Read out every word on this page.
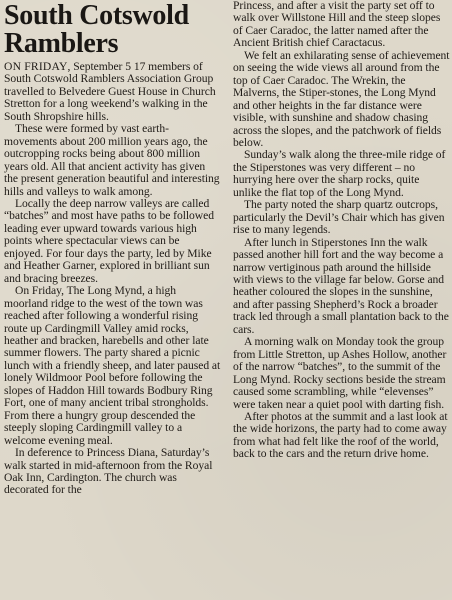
South Cotswold
Ramblers

ON FRIDAY, September 5 17 members of South Cotswold Ramblers Association Group travelled to Belvedere Guest House in Church Stretton for a long weekend’s walking in the South Shropshire hills.

These were formed by vast earth-movements about 200 million years ago, the outcropping rocks being about 800 million years old. All that ancient activity has given the present generation beautiful and interesting hills and valleys to walk among.

Locally the deep narrow valleys are called “batches” and most have paths to be followed leading ever upward towards various high points where spectacular views can be enjoyed. For four days the party, led by Mike and Heather Garner, explored in brilliant sun and bracing breezes.

On Friday, The Long Mynd, a high moorland ridge to the west of the town was reached after following a wonderful rising route up Cardingmill Valley amid rocks, heather and bracken, harebells and other late summer flowers. The party shared a picnic lunch with a friendly sheep, and later paused at lonely Wildmoor Pool before following the slopes of Haddon Hill towards Bodbury Ring Fort, one of many ancient tribal strongholds. From there a hungry group descended the steeply sloping Cardingmill valley to a welcome evening meal.

In deference to Princess Diana, Saturday’s walk started in mid-afternoon from the Royal Oak Inn, Cardington. The church was decorated for the

Princess, and after a visit the party set off to walk over Willstone Hill and the steep slopes of Caer Caradoc, the latter named after the Ancient British chief Caractacus.

We felt an exhilarating sense of achievement on seeing the wide views all around from the top of Caer Caradoc. The Wrekin, the Malverns, the Stiper-stones, the Long Mynd and other heights in the far distance were visible, with sunshine and shadow chasing across the slopes, and the patchwork of fields below.

Sunday’s walk along the three-mile ridge of the Stiperstones was very different – no hurrying here over the sharp rocks, quite unlike the flat top of the Long Mynd.

The party noted the sharp quartz outcrops, particularly the Devil’s Chair which has given rise to many legends.

After lunch in Stiperstones Inn the walk passed another hill fort and the way become a narrow vertiginous path around the hillside with views to the village far below. Gorse and heather coloured the slopes in the sunshine, and after passing Shepherd’s Rock a broader track led through a small plantation back to the cars.

A morning walk on Monday took the group from Little Stretton, up Ashes Hollow, another of the narrow “batches”, to the summit of the Long Mynd. Rocky sections beside the stream caused some scrambling, while “elevenses” were taken near a quiet pool with darting fish.

After photos at the summit and a last look at the wide horizons, the party had to come away from what had felt like the roof of the world, back to the cars and the return drive home.
